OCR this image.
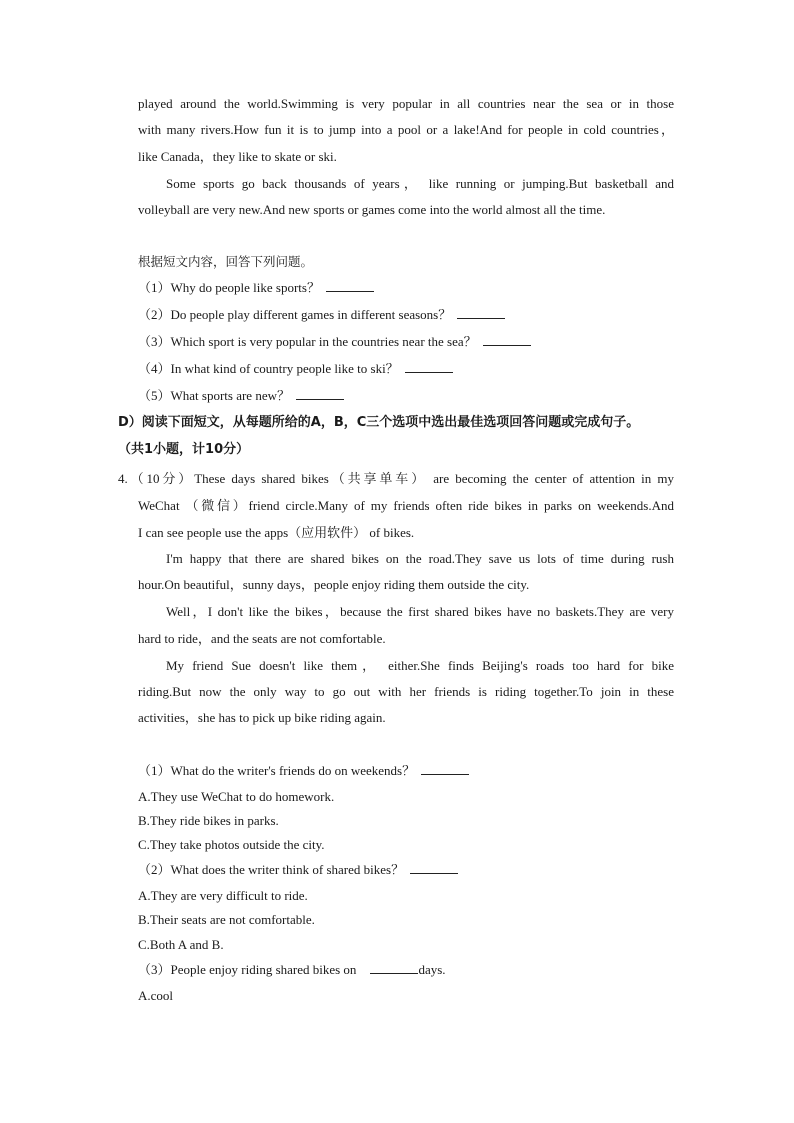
played around the world.Swimming is very popular in all countries near the sea or in those
with many rivers.How fun it is to jump into a pool or a lake!And for people in cold countries，
like Canada，they like to skate or ski.
Some sports go back thousands of years， like running or jumping.But basketball and
volleyball are very new.And new sports or games come into the world almost all the time.
根据短文内容，回答下列问题。
（1）Why do people like sports？
（2）Do people play different games in different seasons？
（3）Which sport is very popular in the countries near the sea？
（4）In what kind of country people like to ski？
（5）What sports are new？
D）阅读下面短文，从每题所给的A，B，C三个选项中选出最佳选项回答问题或完成句子。
（共1小题，计10分）
4.（10分）These days shared bikes（共享单车） are becoming the center of attention in my
WeChat （微信）friend circle.Many of my friends often ride bikes in parks on weekends.And
I can see people use the apps（应用软件） of bikes.
I'm happy that there are shared bikes on the road.They save us lots of time during rush
hour.On beautiful，sunny days，people enjoy riding them outside the city.
Well，I don't like the bikes，because the first shared bikes have no baskets.They are very
hard to ride，and the seats are not comfortable.
My friend Sue doesn't like them， either.She finds Beijing's roads too hard for bike
riding.But now the only way to go out with her friends is riding together.To join in these
activities，she has to pick up bike riding again.
（1）What do the writer's friends do on weekends？
A.They use WeChat to do homework.
B.They ride bikes in parks.
C.They take photos outside the city.
（2）What does the writer think of shared bikes？
A.They are very difficult to ride.
B.Their seats are not comfortable.
C.Both A and B.
（3）People enjoy riding shared bikes on	days.
A.cool
